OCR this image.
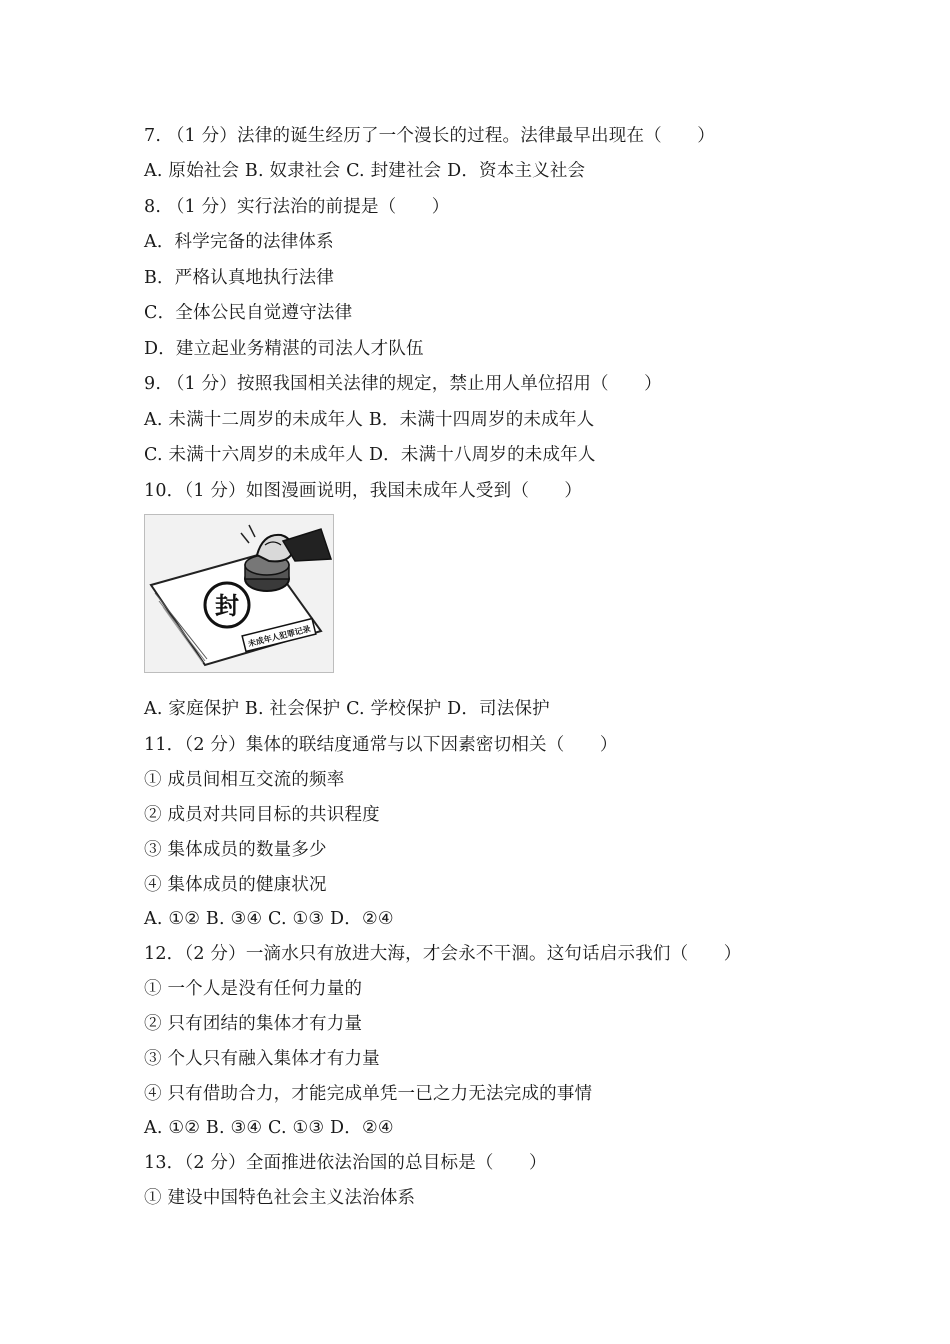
7. （1 分）法律的诞生经历了一个漫长的过程。法律最早出现在（　　）
A. 原始社会 B. 奴隶社会 C. 封建社会 D．资本主义社会
8. （1 分）实行法治的前提是（　　）
A．科学完备的法律体系
B．严格认真地执行法律
C．全体公民自觉遵守法律
D．建立起业务精湛的司法人才队伍
9. （1 分）按照我国相关法律的规定，禁止用人单位招用（　　）
A. 未满十二周岁的未成年人 B．未满十四周岁的未成年人
C. 未满十六周岁的未成年人 D．未满十八周岁的未成年人
10．（1 分）如图漫画说明，我国未成年人受到（　　）
封
未成年人犯罪记录
A. 家庭保护 B. 社会保护 C. 学校保护 D．司法保护
11．（2 分）集体的联结度通常与以下因素密切相关（　　）
① 成员间相互交流的频率
② 成员对共同目标的共识程度
③ 集体成员的数量多少
④ 集体成员的健康状况
A. ①② B. ③④ C. ①③ D．②④
12．（2 分）一滴水只有放进大海，才会永不干涸。这句话启示我们（　　）
① 一个人是没有任何力量的
② 只有团结的集体才有力量
③ 个人只有融入集体才有力量
④ 只有借助合力，才能完成单凭一已之力无法完成的事情
A. ①② B. ③④ C. ①③ D．②④
13．（2 分）全面推进依法治国的总目标是（　　）
① 建设中国特色社会主义法治体系
